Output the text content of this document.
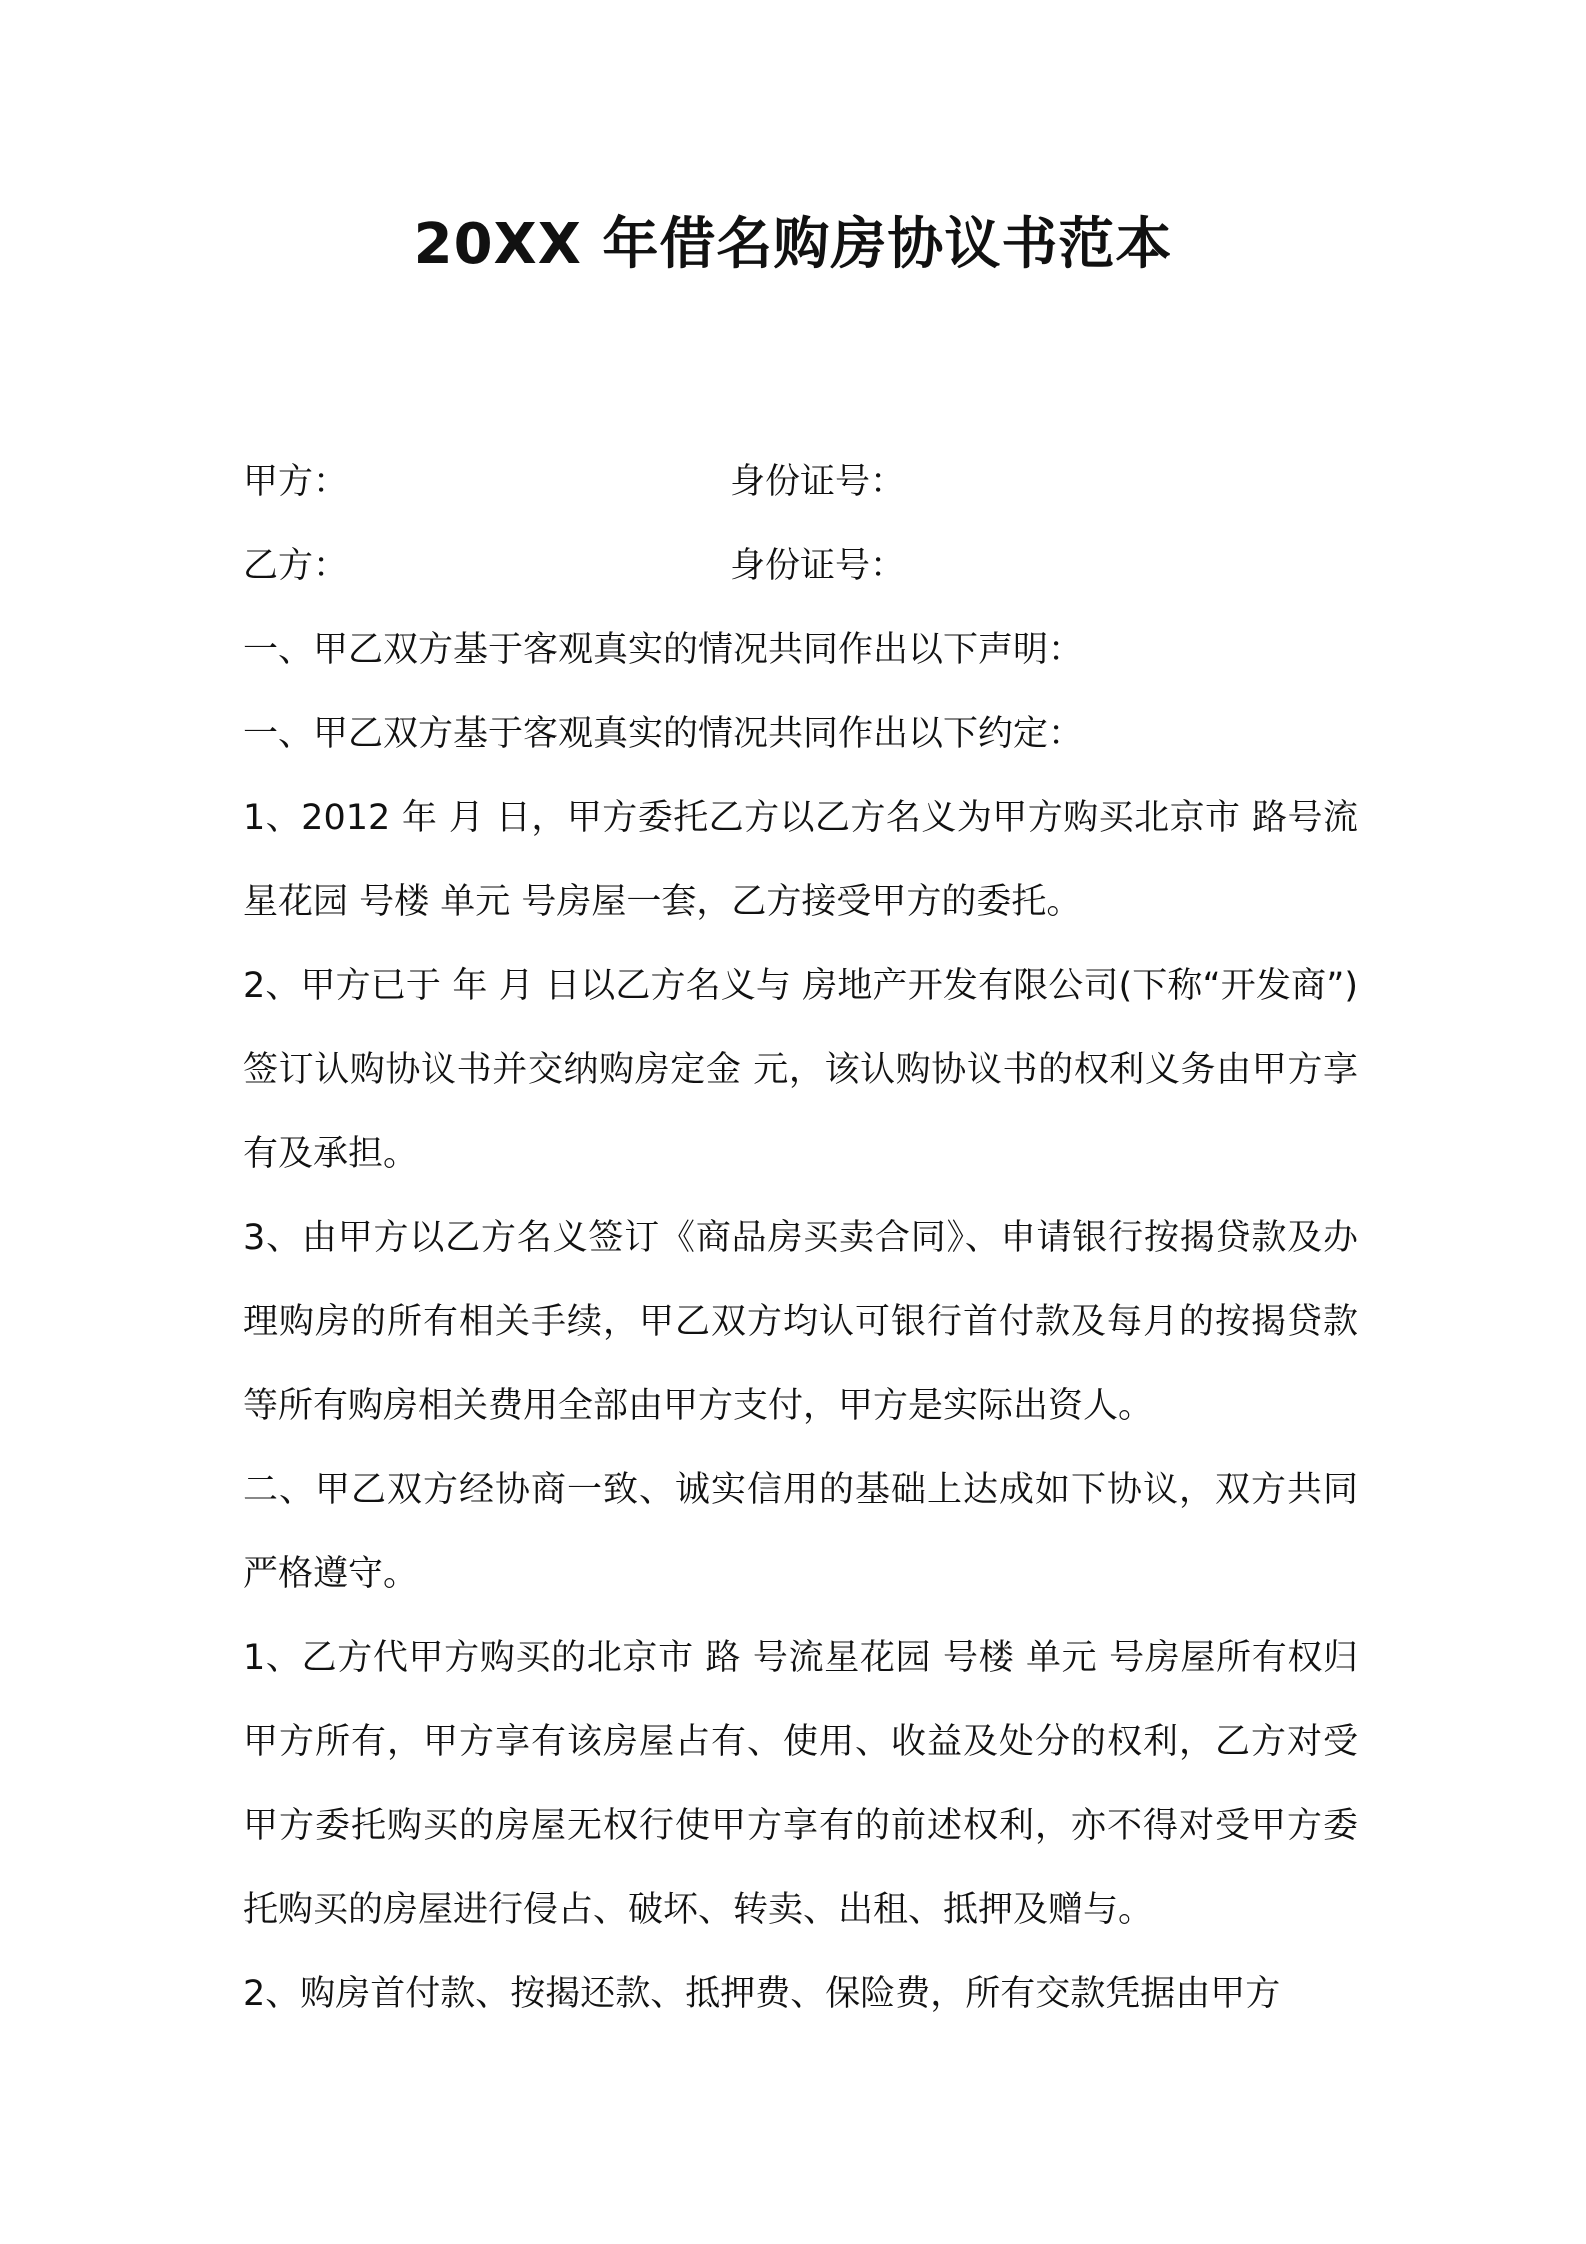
20XX 年借名购房协议书范本
甲方：	身份证号：
乙方：	身份证号：

一、甲乙双方基于客观真实的情况共同作出以下声明：

一、甲乙双方基于客观真实的情况共同作出以下约定：

1、2012 年 月 日，甲方委托乙方以乙方名义为甲方购买北京市 路号流星花园 号楼 单元 号房屋一套，乙方接受甲方的委托。

2、甲方已于 年 月 日以乙方名义与 房地产开发有限公司(下称“开发商”)签订认购协议书并交纳购房定金 元，该认购协议书的权利义务由甲方享有及承担。

3、由甲方以乙方名义签订《商品房买卖合同》、申请银行按揭贷款及办理购房的所有相关手续，甲乙双方均认可银行首付款及每月的按揭贷款等所有购房相关费用全部由甲方支付，甲方是实际出资人。

二、甲乙双方经协商一致、诚实信用的基础上达成如下协议，双方共同严格遵守。

1、乙方代甲方购买的北京市 路 号流星花园 号楼 单元 号房屋所有权归甲方所有，甲方享有该房屋占有、使用、收益及处分的权利，乙方对受甲方委托购买的房屋无权行使甲方享有的前述权利，亦不得对受甲方委托购买的房屋进行侵占、破坏、转卖、出租、抵押及赠与。

2、购房首付款、按揭还款、抵押费、保险费，所有交款凭据由甲方
